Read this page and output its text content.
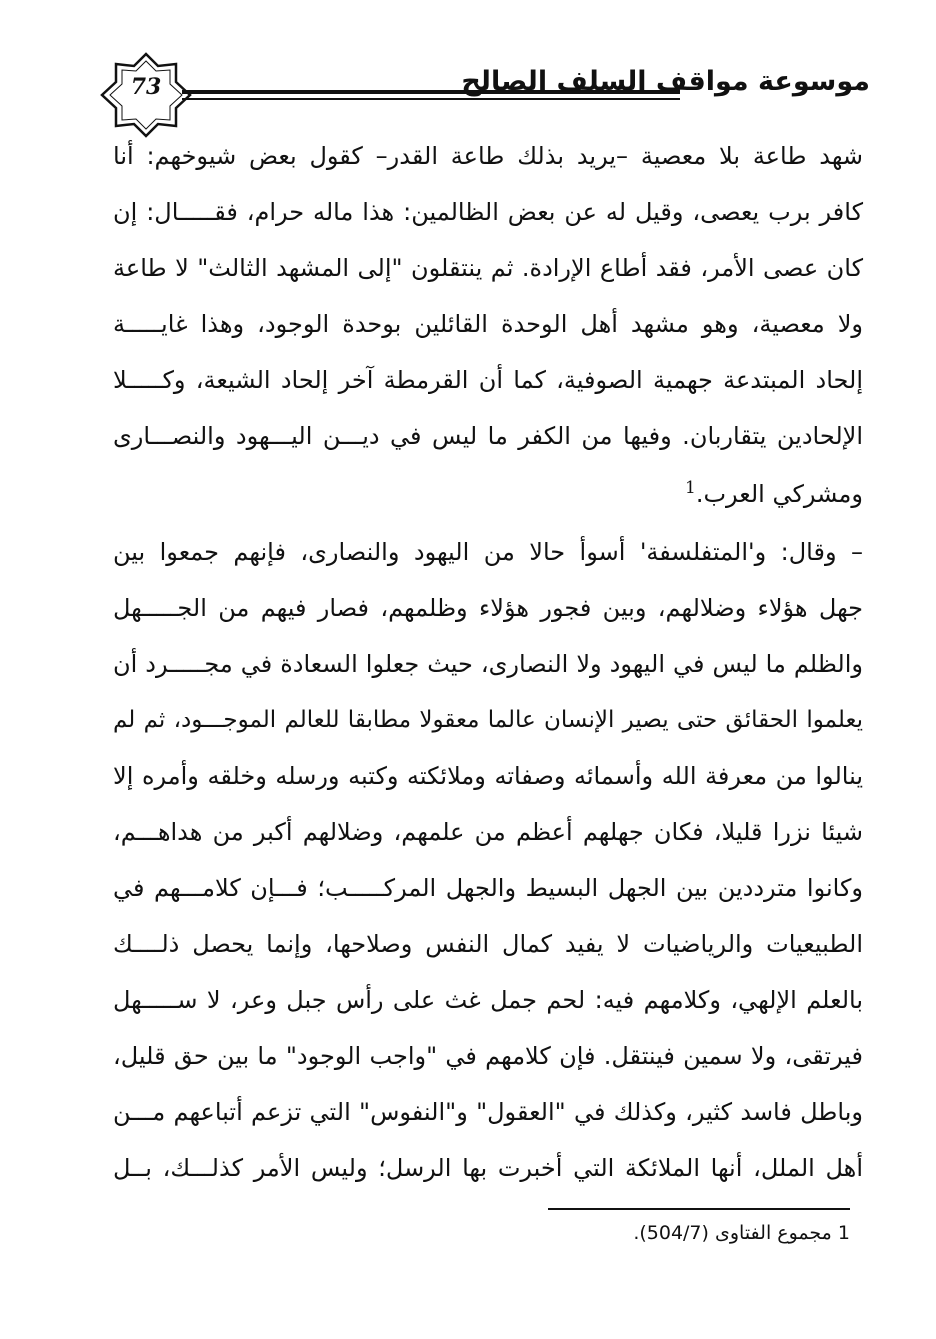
73	موسوعة مواقف السلف الصالح
شهد طاعة بلا معصية –يريد بذلك طاعة القدر– كقول بعض شيوخهم: أنا
كافر برب يعصى، وقيل له عن بعض الظالمين: هذا ماله حرام، فقـــــال: إن
كان عصى الأمر، فقد أطاع الإرادة. ثم ينتقلون "إلى المشهد الثالث" لا طاعة
ولا معصية، وهو مشهد أهل الوحدة القائلين بوحدة الوجود، وهذا غايـــــة
إلحاد المبتدعة جهمية الصوفية، كما أن القرمطة آخر إلحاد الشيعة، وكـــــلا
الإلحادين يتقاربان. وفيها من الكفر ما ليس في ديـــن اليـــهود والنصـــارى
ومشركي العرب.$^1$
– وقال: و'المتفلسفة' أسوأ حالا من اليهود والنصارى، فإنهم جمعوا بين
جهل هؤلاء وضلالهم، وبين فجور هؤلاء وظلمهم، فصار فيهم من الجـــــهل
والظلم ما ليس في اليهود ولا النصارى، حيث جعلوا السعادة في مجـــــرد أن
يعلموا الحقائق حتى يصير الإنسان عالما معقولا مطابقا للعالم الموجـــود، ثم لم
ينالوا من معرفة الله وأسمائه وصفاته وملائكته وكتبه ورسله وخلقه وأمره إلا
شيئا نزرا قليلا، فكان جهلهم أعظم من علمهم، وضلالهم أكبر من هداهـــم،
وكانوا مترددين بين الجهل البسيط والجهل المركـــــب؛ فـــإن كلامـــهم في
الطبيعيات والرياضيات لا يفيد كمال النفس وصلاحها، وإنما يحصل ذلــــك
بالعلم الإلهي، وكلامهم فيه: لحم جمل غث على رأس جبل وعر، لا ســـــهل
فيرتقى، ولا سمين فينتقل. فإن كلامهم في "واجب الوجود" ما بين حق قليل،
وباطل فاسد كثير، وكذلك في "العقول" و"النفوس" التي تزعم أتباعهم مـــن
أهل الملل، أنها الملائكة التي أخبرت بها الرسل؛ وليس الأمر كذلـــك، بــل
1 مجموع الفتاوى (504/7).
